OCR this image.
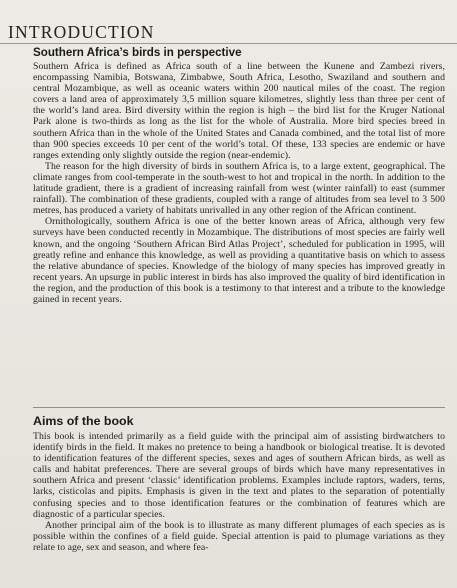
INTRODUCTION
Southern Africa’s birds in perspective

Southern Africa is defined as Africa south of a line between the Kunene and Zambezi rivers, encompassing Namibia, Botswana, Zimbabwe, South Africa, Lesotho, Swaziland and southern and central Mozambique, as well as oceanic waters within 200 nautical miles of the coast. The region covers a land area of approximately 3,5 million square kilometres, slightly less than three per cent of the world’s land area. Bird diversity within the region is high – the bird list for the Kruger National Park alone is two-thirds as long as the list for the whole of Australia. More bird species breed in southern Africa than in the whole of the United States and Canada combined, and the total list of more than 900 species exceeds 10 per cent of the world’s total. Of these, 133 species are endemic or have ranges extending only slightly outside the region (near-endemic).

The reason for the high diversity of birds in southern Africa is, to a large extent, geographical. The climate ranges from cool-temperate in the south-west to hot and tropical in the north. In addition to the latitude gradient, there is a gradient of increasing rainfall from west (winter rainfall) to east (summer rainfall). The combination of these gradients, coupled with a range of altitudes from sea level to 3 500 metres, has produced a variety of habitats unrivalled in any other region of the African continent.

Ornithologically, southern Africa is one of the better known areas of Africa, although very few surveys have been conducted recently in Mozambique. The distributions of most species are fairly well known, and the ongoing ‘Southern African Bird Atlas Project’, scheduled for publication in 1995, will greatly refine and enhance this knowledge, as well as providing a quantitative basis on which to assess the relative abundance of species. Knowledge of the biology of many species has improved greatly in recent years. An upsurge in public interest in birds has also improved the quality of bird identification in the region, and the production of this book is a testimony to that interest and a tribute to the knowledge gained in recent years.

Aims of the book

This book is intended primarily as a field guide with the principal aim of assisting birdwatchers to identify birds in the field. It makes no pretence to being a handbook or biological treatise. It is devoted to identification features of the different species, sexes and ages of southern African birds, as well as calls and habitat preferences. There are several groups of birds which have many representatives in southern Africa and present ‘classic’ identification problems. Examples include raptors, waders, terns, larks, cisticolas and pipits. Emphasis is given in the text and plates to the separation of potentially confusing species and to those identification features or the combination of features which are diagnostic of a particular species.

Another principal aim of the book is to illustrate as many different plumages of each species as is possible within the confines of a field guide. Special attention is paid to plumage variations as they relate to age, sex and season, and where fea-
